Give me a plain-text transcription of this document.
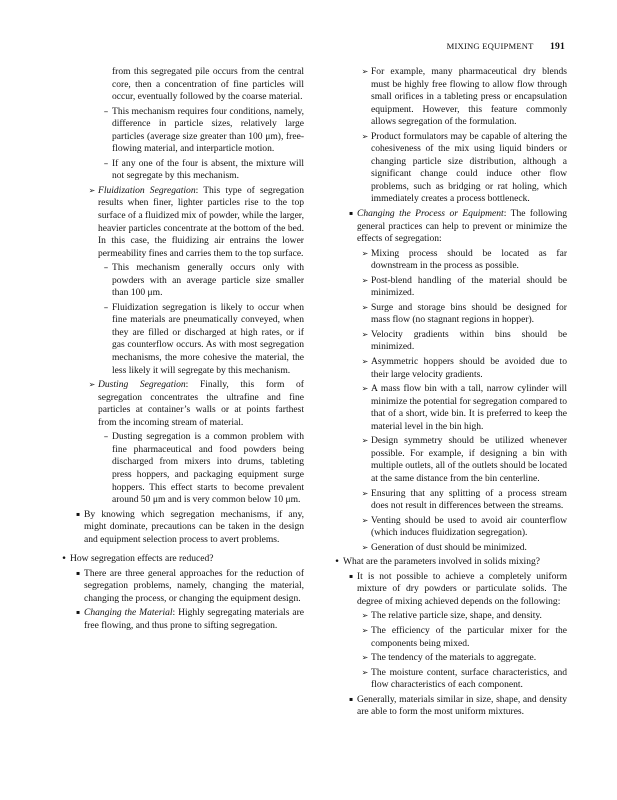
MIXING EQUIPMENT 191
from this segregated pile occurs from the central core, then a concentration of fine particles will occur, eventually followed by the coarse material.
– This mechanism requires four conditions, namely, difference in particle sizes, relatively large particles (average size greater than 100 μm), free-flowing material, and interparticle motion.
– If any one of the four is absent, the mixture will not segregate by this mechanism.
➢ Fluidization Segregation: This type of segregation results when finer, lighter particles rise to the top surface of a fluidized mix of powder, while the larger, heavier particles concentrate at the bottom of the bed. In this case, the fluidizing air entrains the lower permeability fines and carries them to the top surface.
– This mechanism generally occurs only with powders with an average particle size smaller than 100 μm.
– Fluidization segregation is likely to occur when fine materials are pneumatically conveyed, when they are filled or discharged at high rates, or if gas counterflow occurs. As with most segregation mechanisms, the more cohesive the material, the less likely it will segregate by this mechanism.
➢ Dusting Segregation: Finally, this form of segregation concentrates the ultrafine and fine particles at container’s walls or at points farthest from the incoming stream of material.
– Dusting segregation is a common problem with fine pharmaceutical and food powders being discharged from mixers into drums, tableting press hoppers, and packaging equipment surge hoppers. This effect starts to become prevalent around 50 μm and is very common below 10 μm.
▪ By knowing which segregation mechanisms, if any, might dominate, precautions can be taken in the design and equipment selection process to avert problems.
• How segregation effects are reduced?
▪ There are three general approaches for the reduction of segregation problems, namely, changing the material, changing the process, or changing the equipment design.
▪ Changing the Material: Highly segregating materials are free flowing, and thus prone to sifting segregation.
➢ For example, many pharmaceutical dry blends must be highly free flowing to allow flow through small orifices in a tableting press or encapsulation equipment. However, this feature commonly allows segregation of the formulation.
➢ Product formulators may be capable of altering the cohesiveness of the mix using liquid binders or changing particle size distribution, although a significant change could induce other flow problems, such as bridging or rat holing, which immediately creates a process bottleneck.
▪ Changing the Process or Equipment: The following general practices can help to prevent or minimize the effects of segregation:
➢ Mixing process should be located as far downstream in the process as possible.
➢ Post-blend handling of the material should be minimized.
➢ Surge and storage bins should be designed for mass flow (no stagnant regions in hopper).
➢ Velocity gradients within bins should be minimized.
➢ Asymmetric hoppers should be avoided due to their large velocity gradients.
➢ A mass flow bin with a tall, narrow cylinder will minimize the potential for segregation compared to that of a short, wide bin. It is preferred to keep the material level in the bin high.
➢ Design symmetry should be utilized whenever possible. For example, if designing a bin with multiple outlets, all of the outlets should be located at the same distance from the bin centerline.
➢ Ensuring that any splitting of a process stream does not result in differences between the streams.
➢ Venting should be used to avoid air counterflow (which induces fluidization segregation).
➢ Generation of dust should be minimized.
• What are the parameters involved in solids mixing?
▪ It is not possible to achieve a completely uniform mixture of dry powders or particulate solids. The degree of mixing achieved depends on the following:
➢ The relative particle size, shape, and density.
➢ The efficiency of the particular mixer for the components being mixed.
➢ The tendency of the materials to aggregate.
➢ The moisture content, surface characteristics, and flow characteristics of each component.
▪ Generally, materials similar in size, shape, and density are able to form the most uniform mixtures.
